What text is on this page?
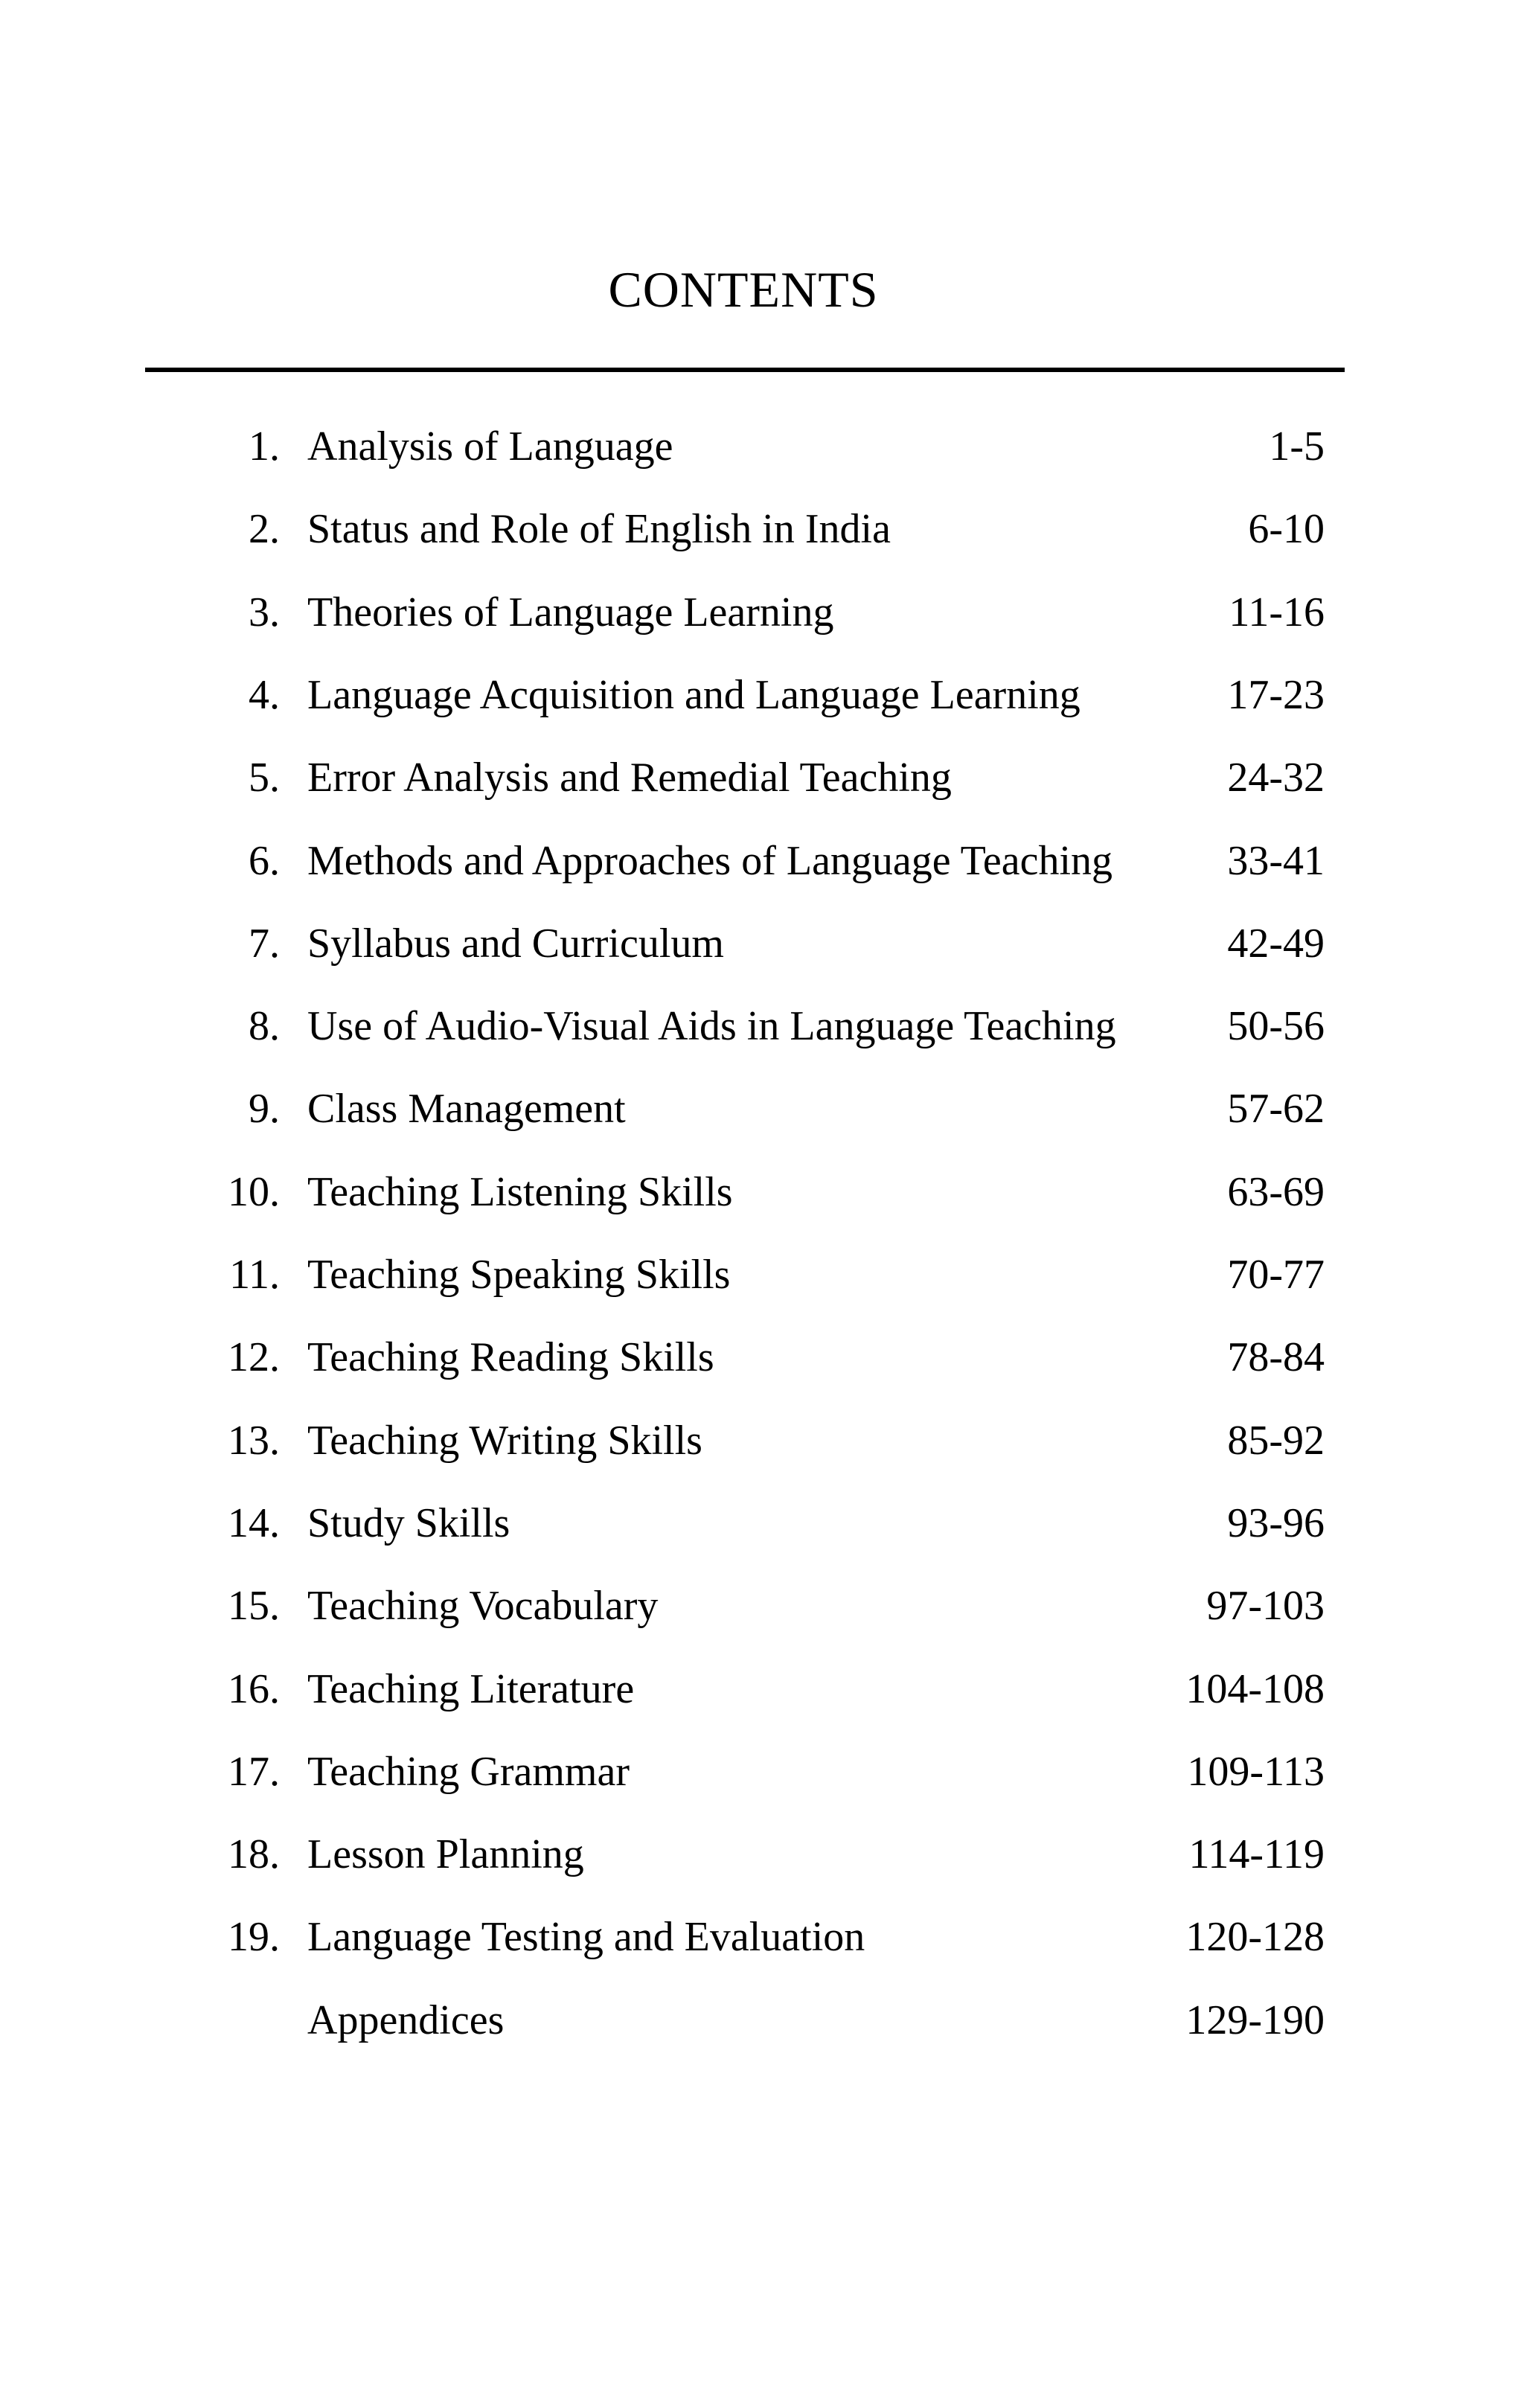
CONTENTS
1. Analysis of Language	1-5
2. Status and Role of English in India	6-10
3. Theories of Language Learning	11-16
4. Language Acquisition and Language Learning	17-23
5. Error Analysis and Remedial Teaching	24-32
6. Methods and Approaches of Language Teaching	33-41
7. Syllabus and Curriculum	42-49
8. Use of Audio-Visual Aids in Language Teaching	50-56
9. Class Management	57-62
10. Teaching Listening Skills	63-69
11. Teaching Speaking Skills	70-77
12. Teaching Reading Skills	78-84
13. Teaching Writing Skills	85-92
14. Study Skills	93-96
15. Teaching Vocabulary	97-103
16. Teaching Literature	104-108
17. Teaching Grammar	109-113
18. Lesson Planning	114-119
19. Language Testing and Evaluation	120-128
Appendices	129-190
